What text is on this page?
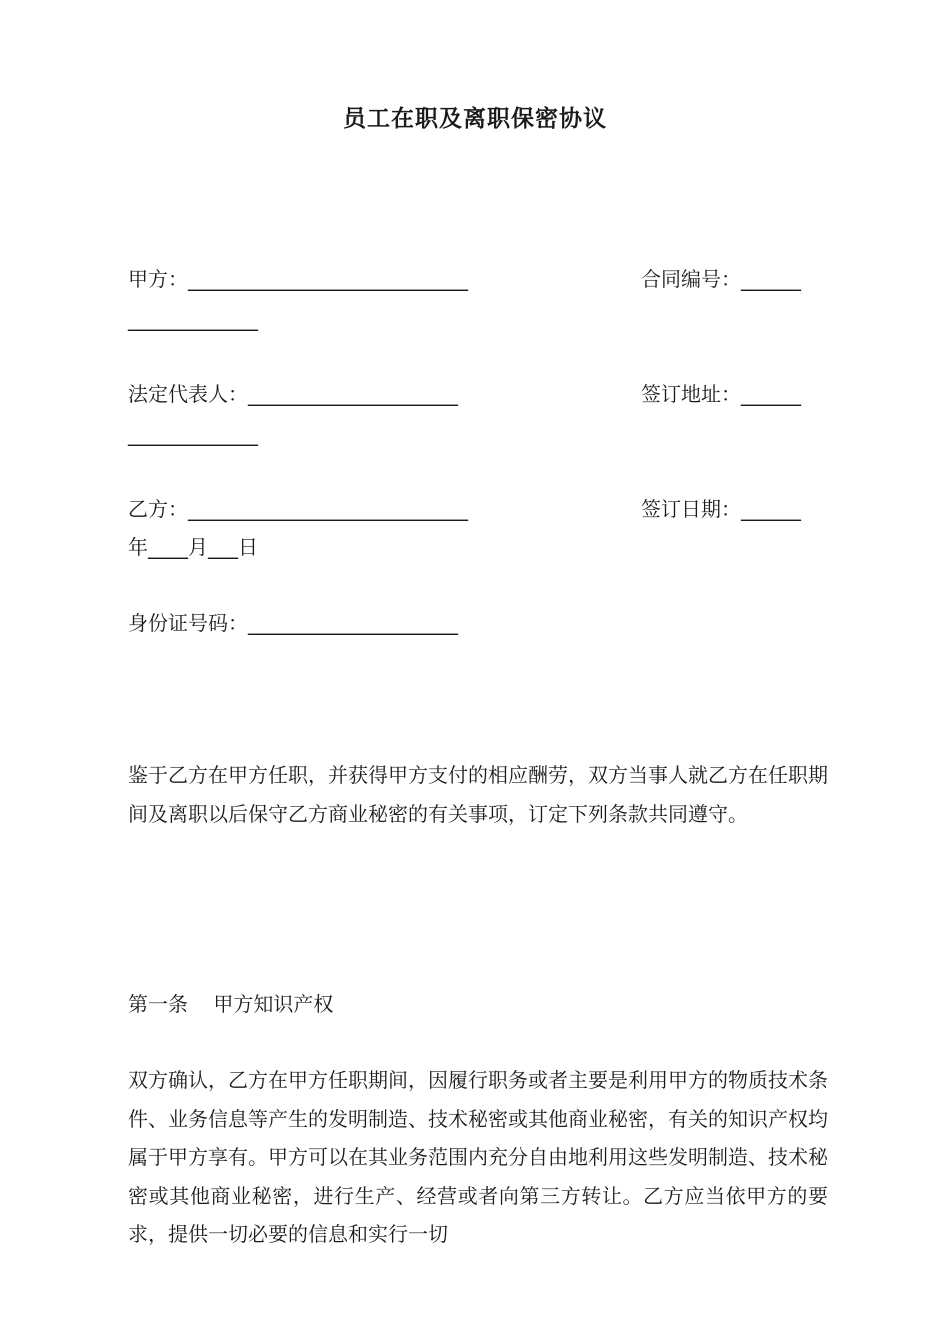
员工在职及离职保密协议
甲方：____________________________	合同编号：______
_____________
法定代表人：_____________________	签订地址：______
_____________
乙方：____________________________	签订日期：______
年____月___日
身份证号码：_____________________
鉴于乙方在甲方任职，并获得甲方支付的相应酬劳，双方当事人就乙方在任职期间及离职以后保守乙方商业秘密的有关事项，订定下列条款共同遵守。
第一条    甲方知识产权
双方确认，乙方在甲方任职期间，因履行职务或者主要是利用甲方的物质技术条件、业务信息等产生的发明制造、技术秘密或其他商业秘密，有关的知识产权均属于甲方享有。甲方可以在其业务范围内充分自由地利用这些发明制造、技术秘密或其他商业秘密，进行生产、经营或者向第三方转让。乙方应当依甲方的要求，提供一切必要的信息和实行一切
